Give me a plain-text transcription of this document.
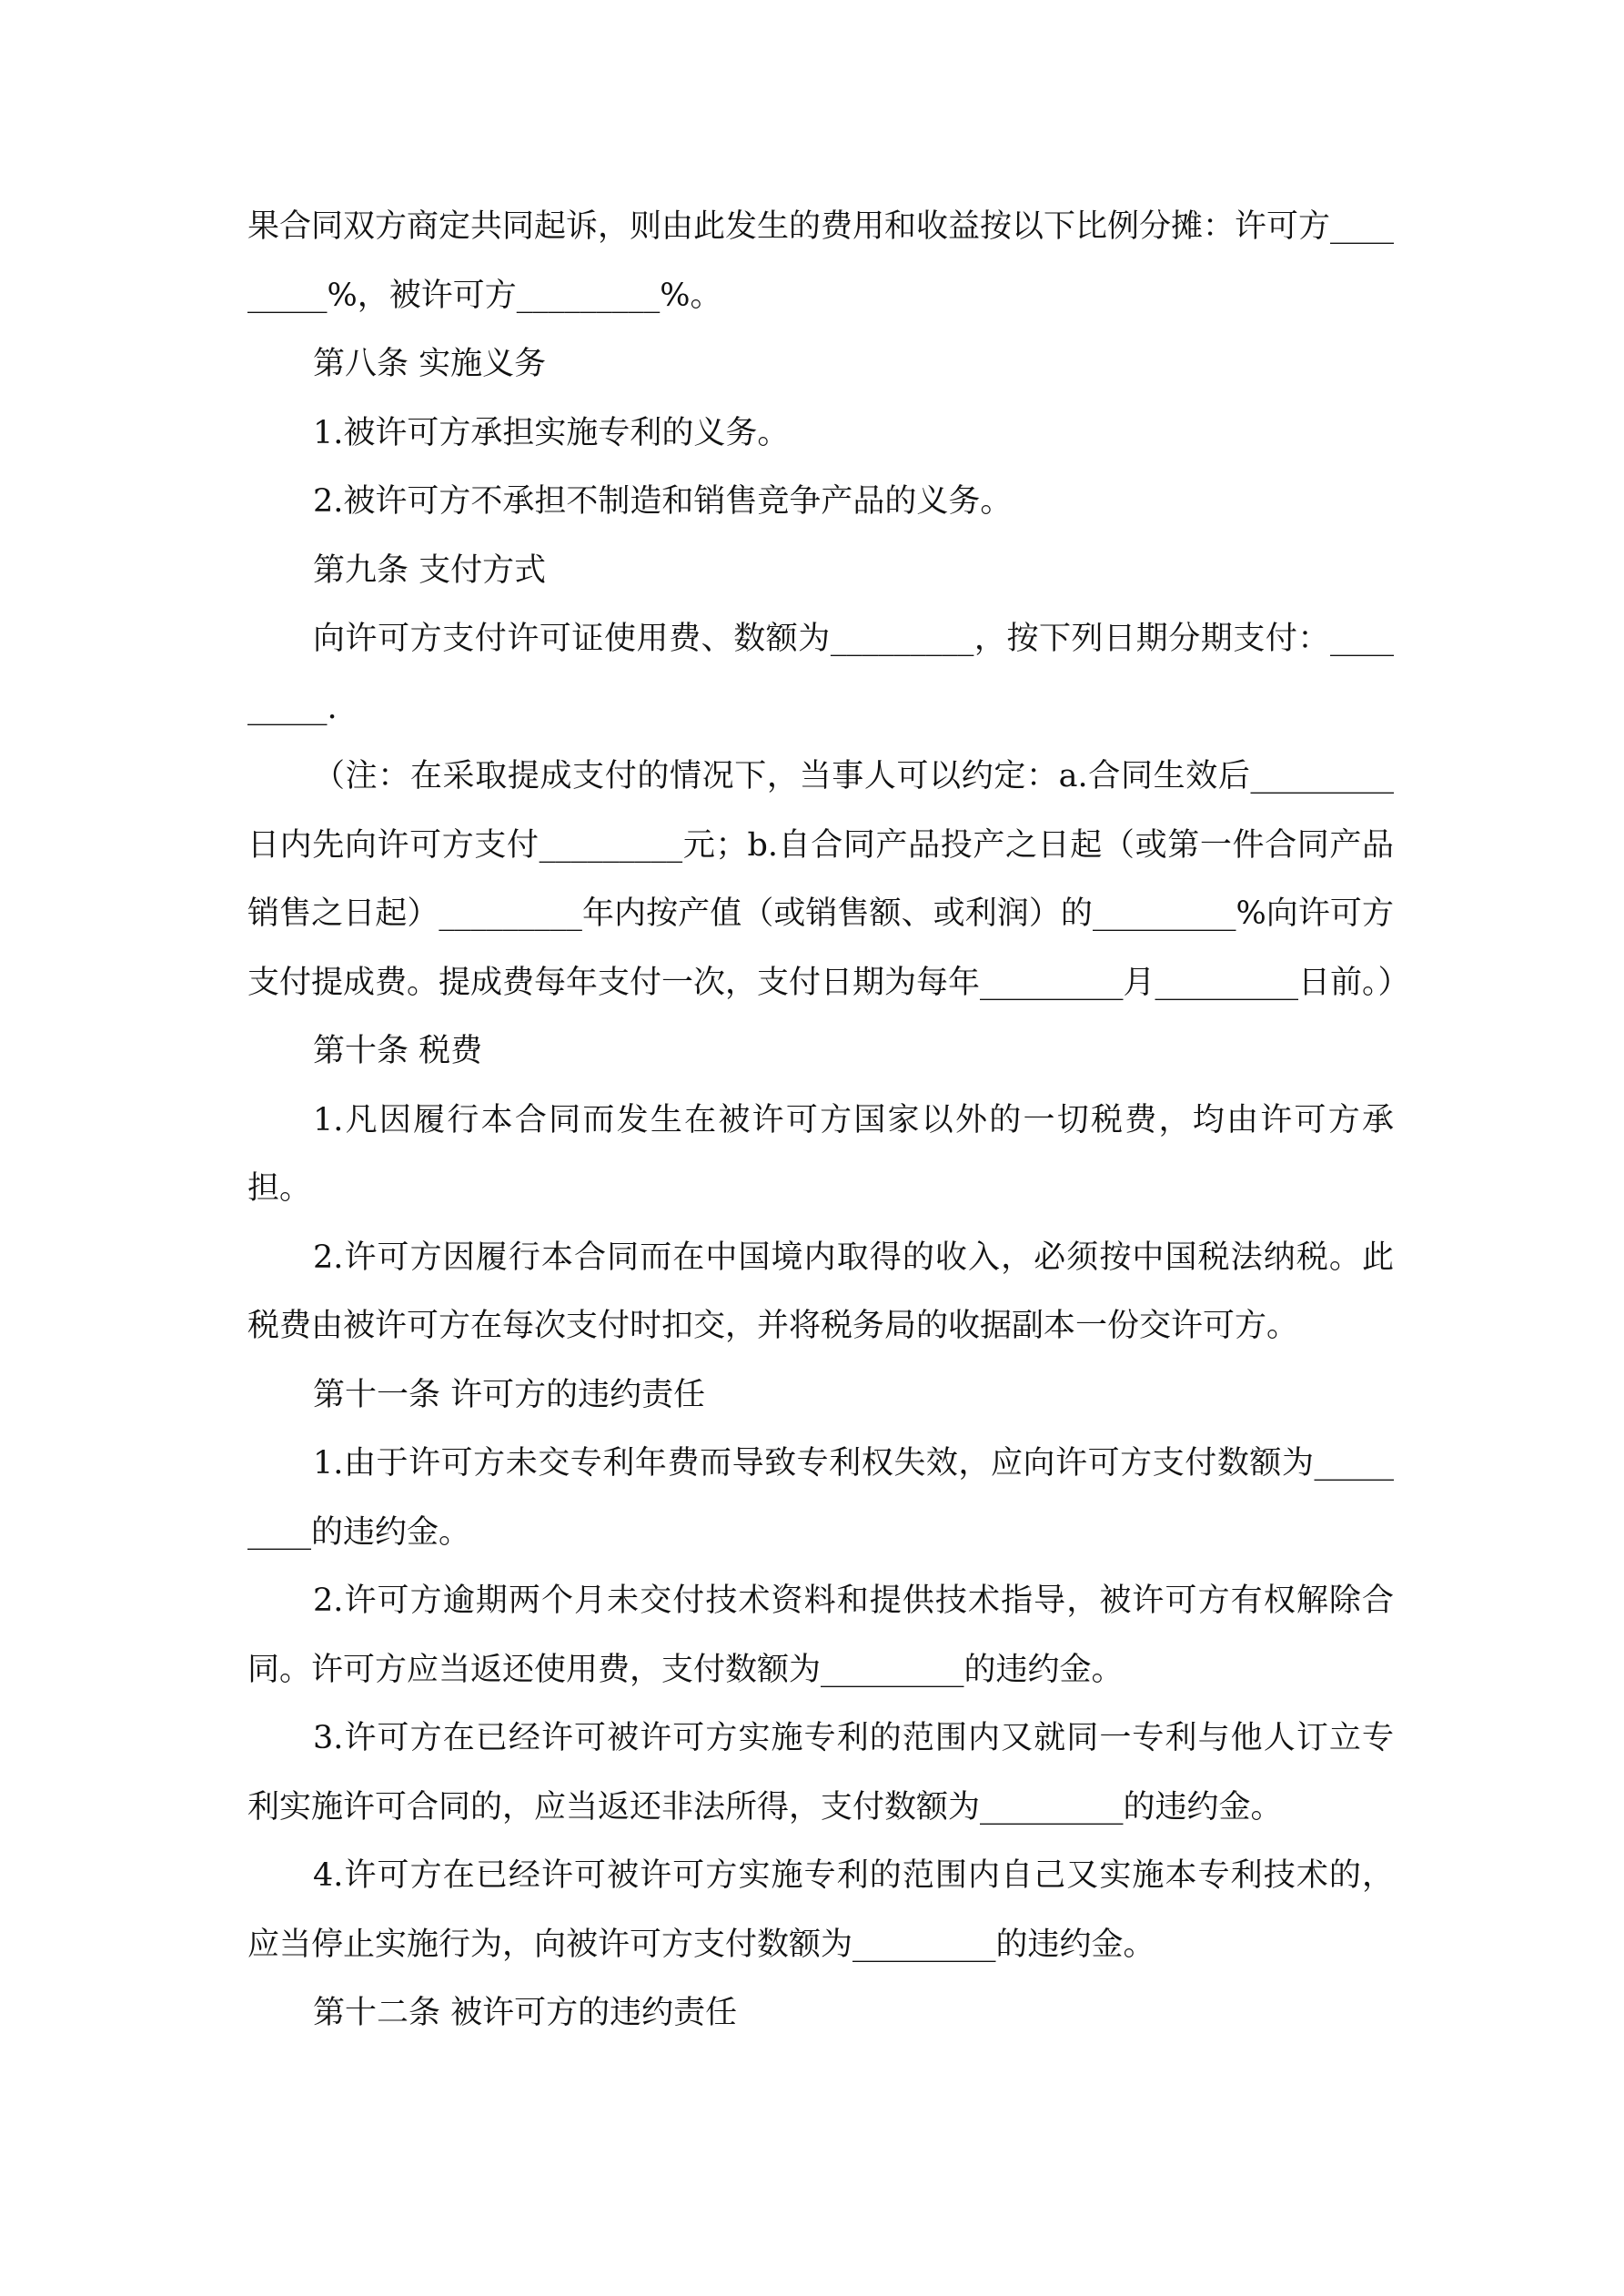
果合同双方商定共同起诉，则由此发生的费用和收益按以下比例分摊：许可方_________%，被许可方_________%。

第八条 实施义务

1.被许可方承担实施专利的义务。

2.被许可方不承担不制造和销售竞争产品的义务。

第九条 支付方式

向许可方支付许可证使用费、数额为_________，按下列日期分期支付：_________.

（注：在采取提成支付的情况下，当事人可以约定：a.合同生效后_________日内先向许可方支付_________元；b.自合同产品投产之日起（或第一件合同产品销售之日起）_________年内按产值（或销售额、或利润）的_________%向许可方支付提成费。提成费每年支付一次，支付日期为每年_________月_________日前。）

第十条 税费

1.凡因履行本合同而发生在被许可方国家以外的一切税费，均由许可方承担。

2.许可方因履行本合同而在中国境内取得的收入，必须按中国税法纳税。此税费由被许可方在每次支付时扣交，并将税务局的收据副本一份交许可方。

第十一条 许可方的违约责任

1.由于许可方未交专利年费而导致专利权失效，应向许可方支付数额为_________的违约金。

2.许可方逾期两个月未交付技术资料和提供技术指导，被许可方有权解除合同。许可方应当返还使用费，支付数额为_________的违约金。

3.许可方在已经许可被许可方实施专利的范围内又就同一专利与他人订立专利实施许可合同的，应当返还非法所得，支付数额为_________的违约金。

4.许可方在已经许可被许可方实施专利的范围内自己又实施本专利技术的，应当停止实施行为，向被许可方支付数额为_________的违约金。

第十二条 被许可方的违约责任
